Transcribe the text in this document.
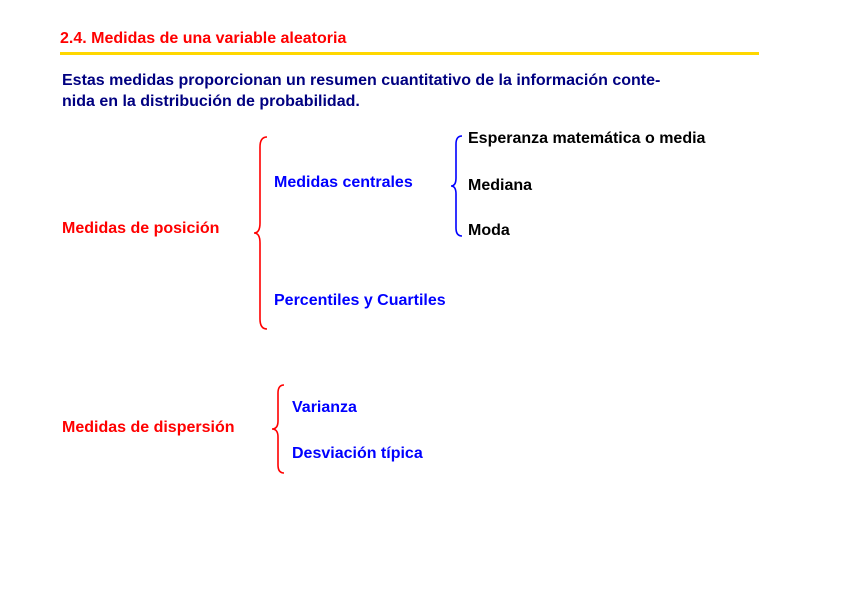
2.4. Medidas de una variable aleatoria
Estas medidas proporcionan un resumen cuantitativo de la información conte-
nida en la distribución de probabilidad.
Medidas de posición
Medidas centrales
Esperanza matemática o media
Mediana
Moda
Percentiles y Cuartiles
Medidas de dispersión
Varianza
Desviación típica
